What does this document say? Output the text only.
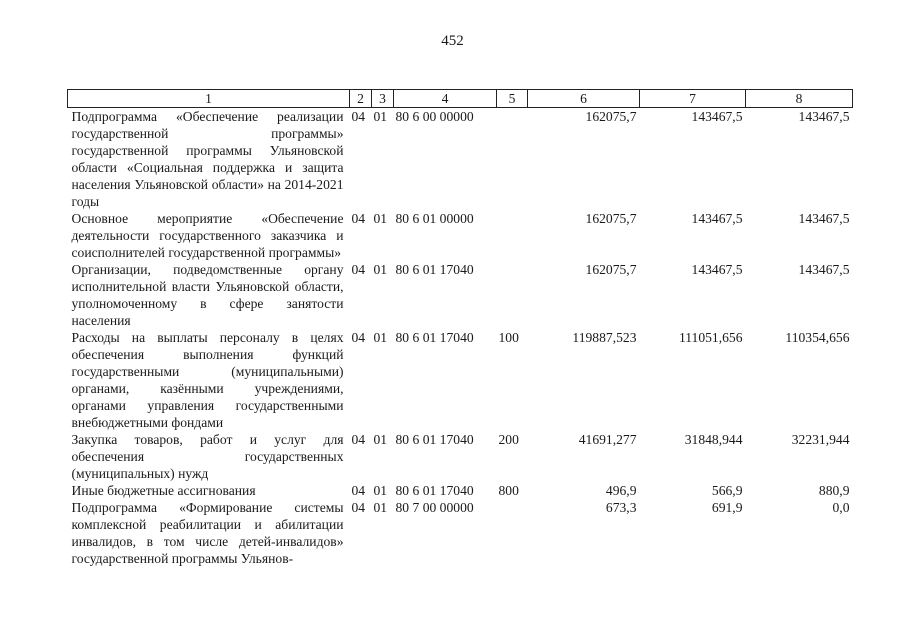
452
1	2	3	4	5	6	7	8
Подпрограмма «Обеспечение реализации государственной программы» государственной программы Ульяновской области «Социальная поддержка и защита населения Ульяновской области» на 2014-2021 годы	04	01	80 6 00 00000		162075,7	143467,5	143467,5
Основное мероприятие «Обеспечение деятельности государственного заказчика и соисполнителей государственной программы»	04	01	80 6 01 00000		162075,7	143467,5	143467,5
Организации, подведомственные органу исполнительной власти Ульяновской области, уполномоченному в сфере занятости населения	04	01	80 6 01 17040		162075,7	143467,5	143467,5
Расходы на выплаты персоналу в целях обеспечения выполнения функций государственными (муниципальными) органами, казёнными учреждениями, органами управления государственными внебюджетными фондами	04	01	80 6 01 17040	100	119887,523	111051,656	110354,656
Закупка товаров, работ и услуг для обеспечения государственных (муниципальных) нужд	04	01	80 6 01 17040	200	41691,277	31848,944	32231,944
Иные бюджетные ассигнования	04	01	80 6 01 17040	800	496,9	566,9	880,9
Подпрограмма «Формирование системы комплексной реабилитации и абилитации инвалидов, в том числе детей-инвалидов» государственной программы Ульянов-	04	01	80 7 00 00000		673,3	691,9	0,0
